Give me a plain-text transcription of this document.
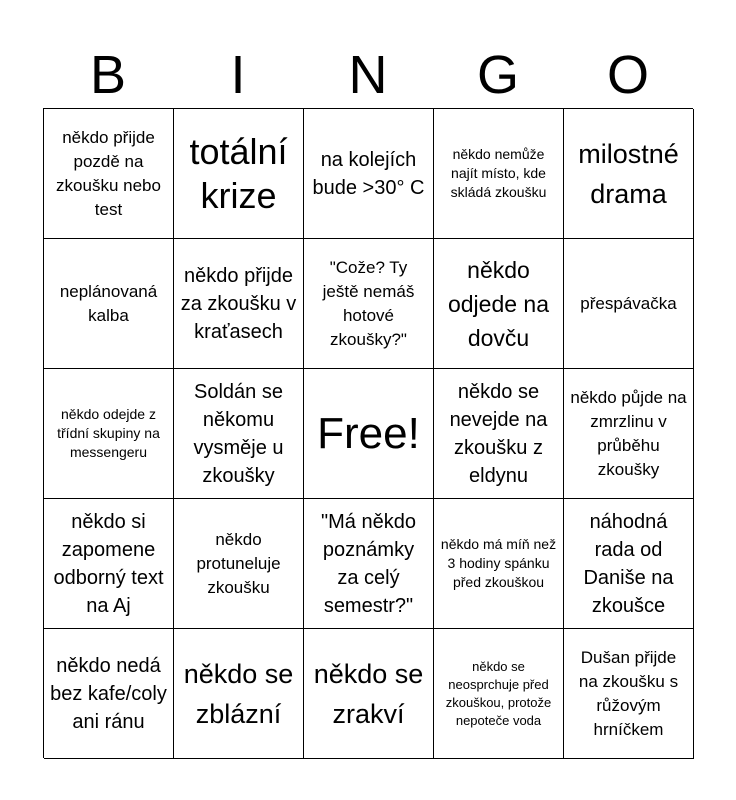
B	I	N	G	O
někdo přijde pozdě na zkoušku nebo test
totální krize
na kolejích bude >30° C
někdo nemůže najít místo, kde skládá zkoušku
milostné drama
neplánovaná kalba
někdo přijde za zkoušku v kraťasech
"Cože? Ty ještě nemáš hotové zkoušky?"
někdo odjede na dovču
přespávačka
někdo odejde z třídní skupiny na messengeru
Soldán se někomu vysměje u zkoušky
Free!
někdo se nevejde na zkoušku z eldynu
někdo půjde na zmrzlinu v průběhu zkoušky
někdo si zapomene odborný text na Aj
někdo protuneluje zkoušku
"Má někdo poznámky za celý semestr?"
někdo má míň než 3 hodiny spánku před zkouškou
náhodná rada od Daniše na zkoušce
někdo nedá bez kafe/coly ani ránu
někdo se zblázní
někdo se zrakví
někdo se neosprchuje před zkouškou, protože nepoteče voda
Dušan přijde na zkoušku s růžovým hrníčkem
